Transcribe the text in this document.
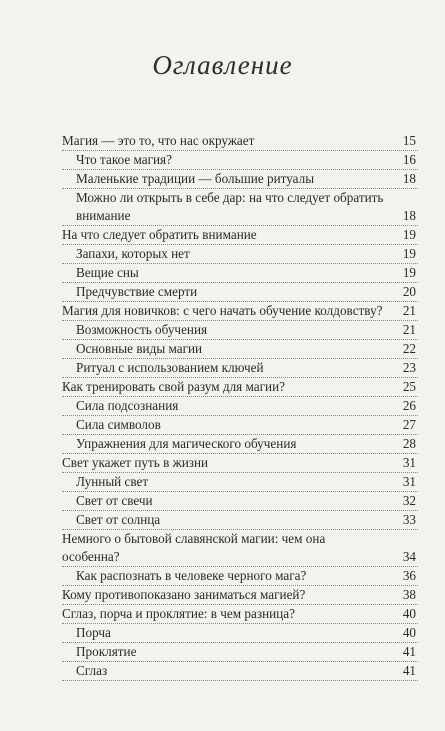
Оглавление
Магия — это то, что нас окружает	15
Что такое магия?	16
Маленькие традиции — большие ритуалы	18
Можно ли открыть в себе дар: на что следует обратить внимание	18
На что следует обратить внимание	19
Запахи, которых нет	19
Вещие сны	19
Предчувствие смерти	20
Магия для новичков: с чего начать обучение колдовству?	21
Возможность обучения	21
Основные виды магии	22
Ритуал с использованием ключей	23
Как тренировать свой разум для магии?	25
Сила подсознания	26
Сила символов	27
Упражнения для магического обучения	28
Свет укажет путь в жизни	31
Лунный свет	31
Свет от свечи	32
Свет от солнца	33
Немного о бытовой славянской магии: чем она особенна?	34
Как распознать в человеке черного мага?	36
Кому противопоказано заниматься магией?	38
Сглаз, порча и проклятие: в чем разница?	40
Порча	40
Проклятие	41
Сглаз	41
